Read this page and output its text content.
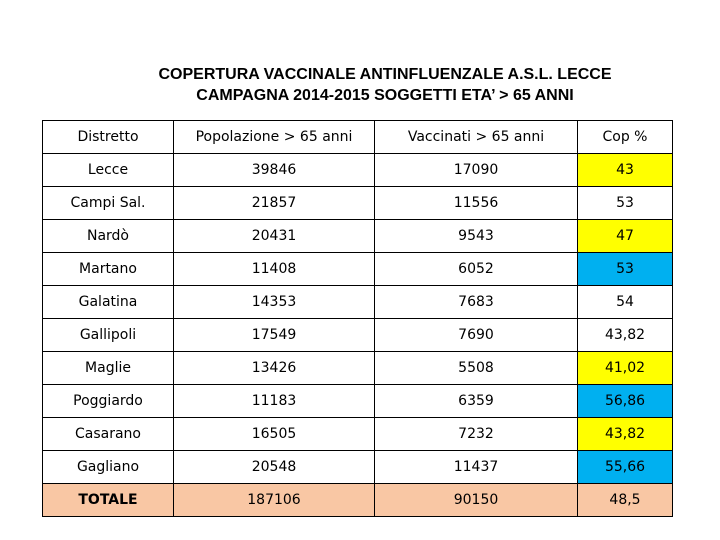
COPERTURA VACCINALE ANTINFLUENZALE A.S.L. LECCE
CAMPAGNA 2014-2015 SOGGETTI ETA’ > 65 ANNI
Distretto	Popolazione > 65 anni	Vaccinati > 65 anni	Cop %
Lecce	39846	17090	43
Campi Sal.	21857	11556	53
Nardò	20431	9543	47
Martano	11408	6052	53
Galatina	14353	7683	54
Gallipoli	17549	7690	43,82
Maglie	13426	5508	41,02
Poggiardo	11183	6359	56,86
Casarano	16505	7232	43,82
Gagliano	20548	11437	55,66
TOTALE	187106	90150	48,5
